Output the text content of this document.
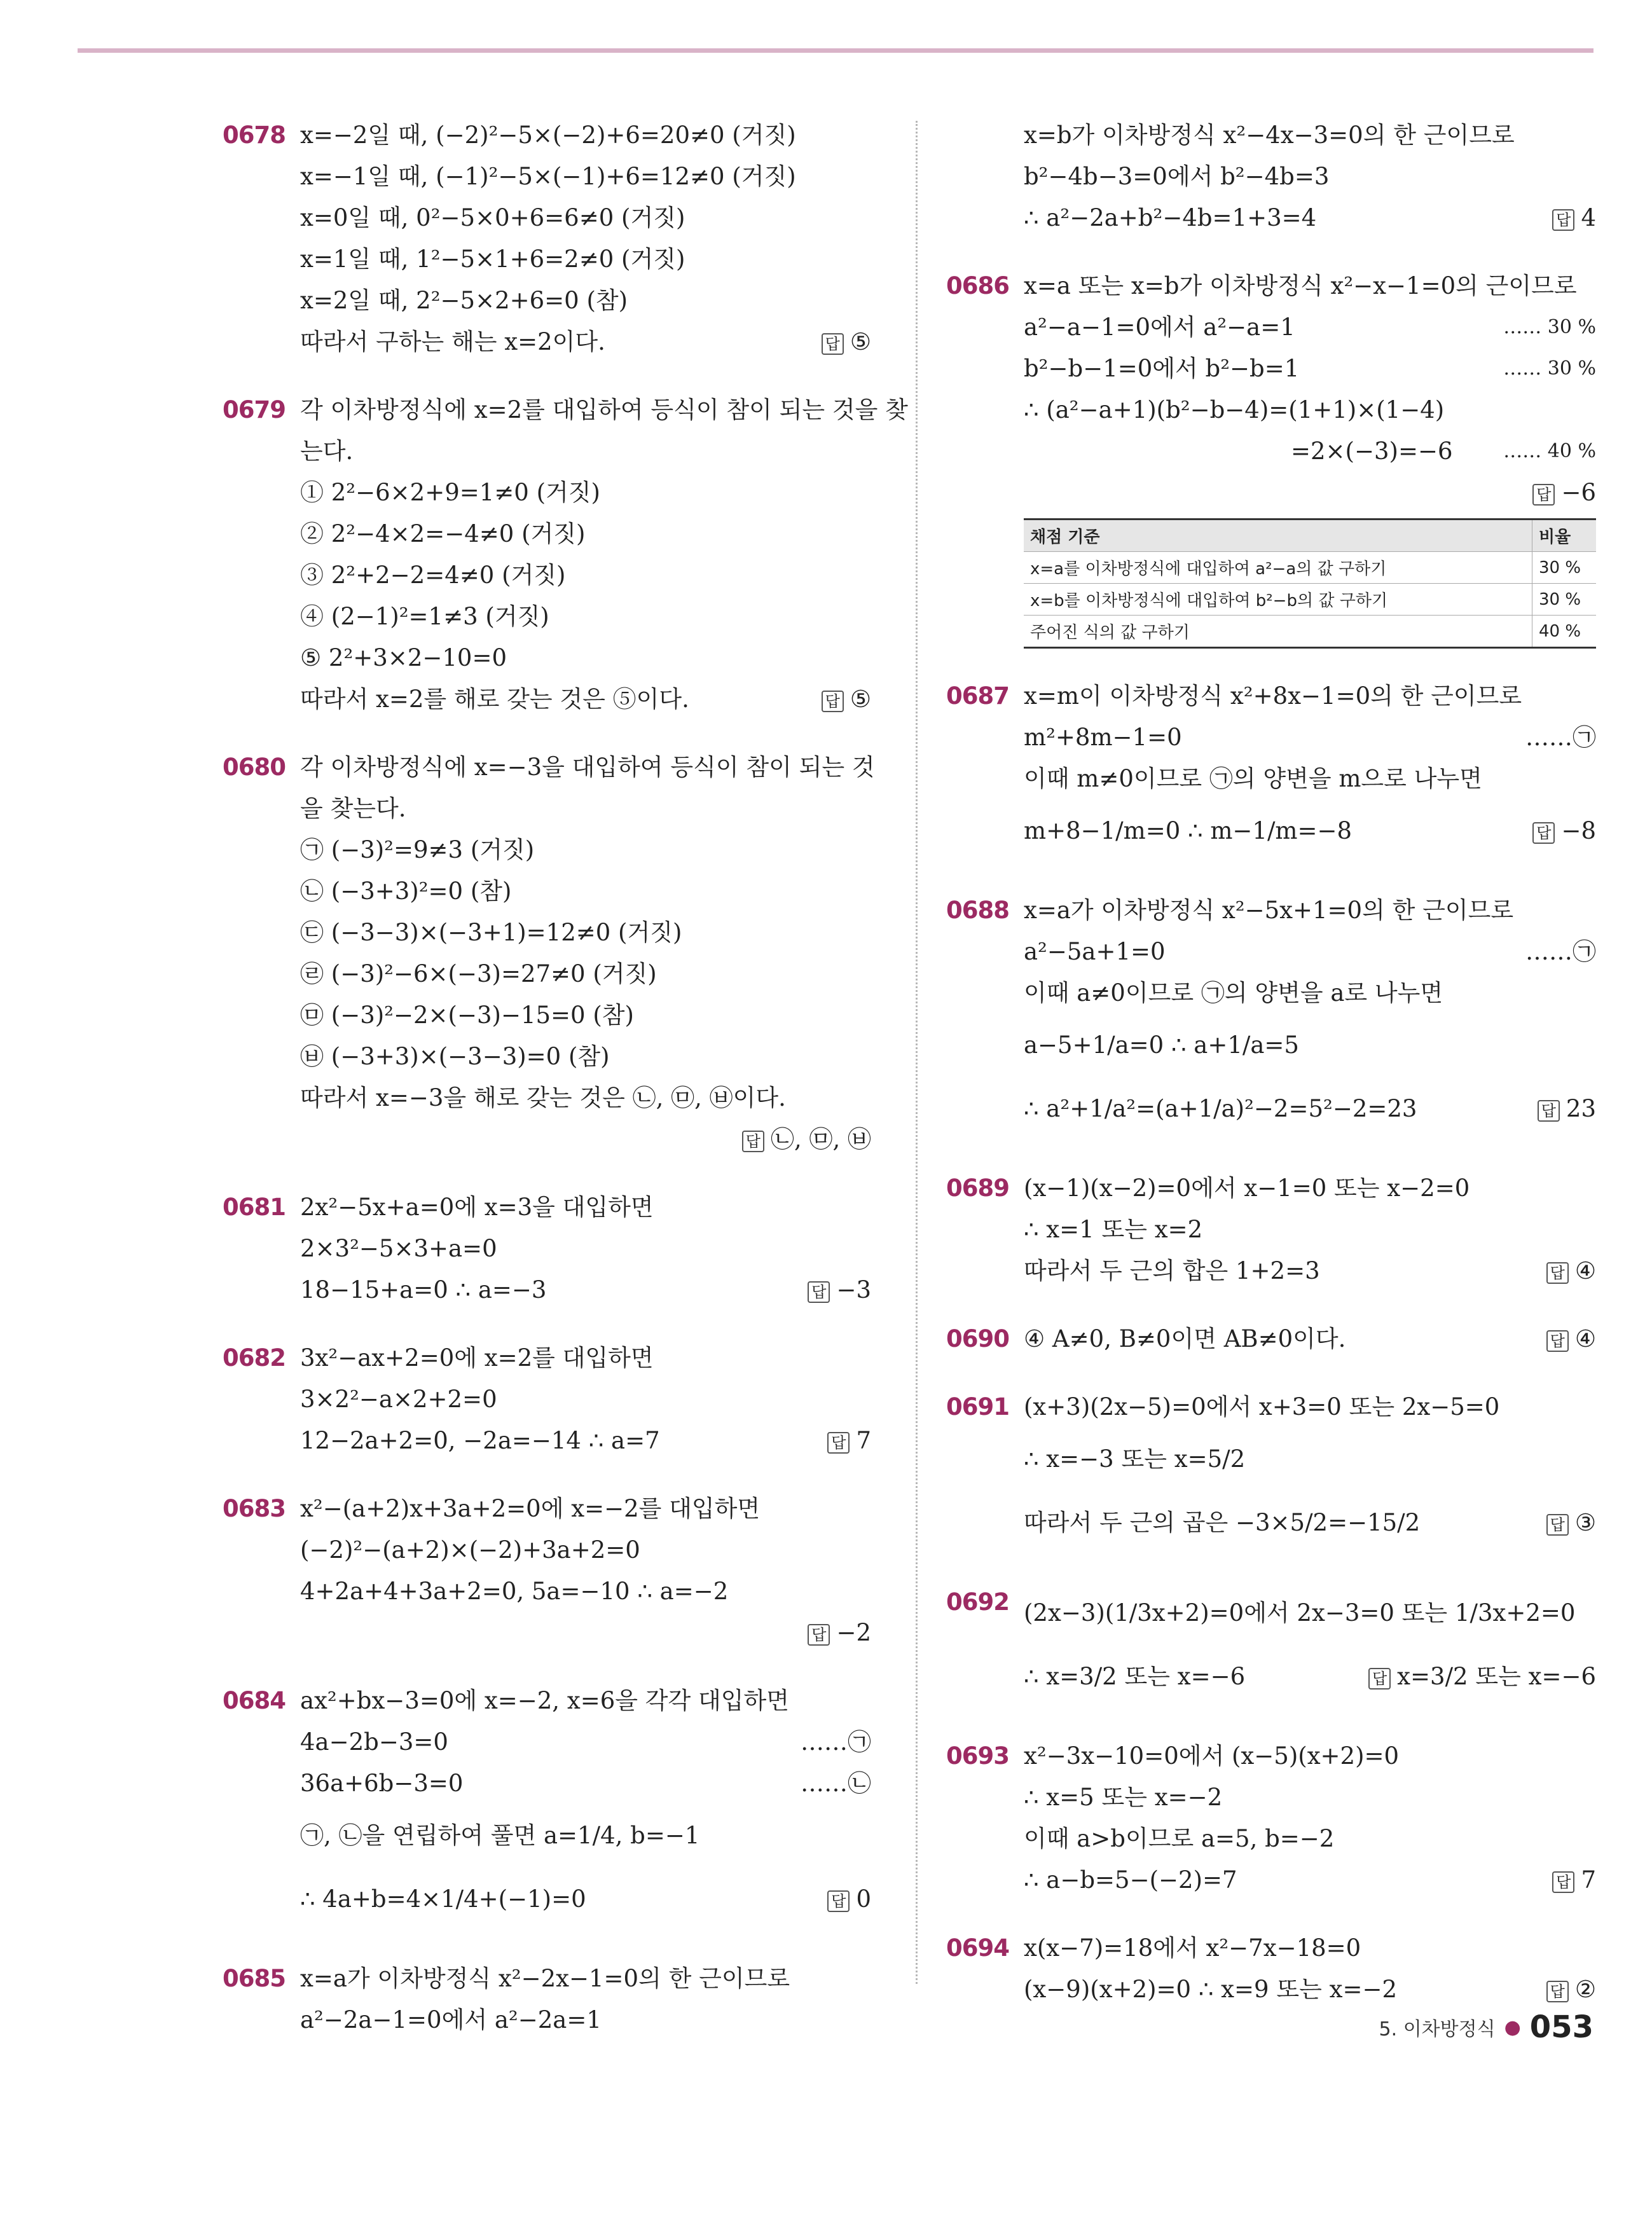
0678 x=−2일 때, (−2)²−5×(−2)+6=20≠0 (거짓)
x=−1일 때, (−1)²−5×(−1)+6=12≠0 (거짓)
x=0일 때, 0²−5×0+6=6≠0 (거짓)
x=1일 때, 1²−5×1+6=2≠0 (거짓)
x=2일 때, 2²−5×2+6=0 (참)
따라서 구하는 해는 x=2이다.	답 ⑤
0679 각 이차방정식에 x=2를 대입하여 등식이 참이 되는 것을 찾
는다.
① 2²−6×2+9=1≠0 (거짓)
② 2²−4×2=−4≠0 (거짓)
③ 2²+2−2=4≠0 (거짓)
④ (2−1)²=1≠3 (거짓)
⑤ 2²+3×2−10=0
따라서 x=2를 해로 갖는 것은 ⑤이다.	답 ⑤
0680 각 이차방정식에 x=−3을 대입하여 등식이 참이 되는 것
을 찾는다.
㉠ (−3)²=9≠3 (거짓)
㉡ (−3+3)²=0 (참)
㉢ (−3−3)×(−3+1)=12≠0 (거짓)
㉣ (−3)²−6×(−3)=27≠0 (거짓)
㉤ (−3)²−2×(−3)−15=0 (참)
㉥ (−3+3)×(−3−3)=0 (참)
따라서 x=−3을 해로 갖는 것은 ㉡, ㉤, ㉥이다.
답 ㉡, ㉤, ㉥
0681 2x²−5x+a=0에 x=3을 대입하면
2×3²−5×3+a=0
18−15+a=0 ∴ a=−3	답 −3
0682 3x²−ax+2=0에 x=2를 대입하면
3×2²−a×2+2=0
12−2a+2=0, −2a=−14 ∴ a=7	답 7
0683 x²−(a+2)x+3a+2=0에 x=−2를 대입하면
(−2)²−(a+2)×(−2)+3a+2=0
4+2a+4+3a+2=0, 5a=−10 ∴ a=−2
답 −2
0684 ax²+bx−3=0에 x=−2, x=6을 각각 대입하면
4a−2b−3=0	……㉠
36a+6b−3=0	……㉡
㉠, ㉡을 연립하여 풀면 a=1/4, b=−1
∴ 4a+b=4×1/4+(−1)=0	답 0
0685 x=a가 이차방정식 x²−2x−1=0의 한 근이므로
a²−2a−1=0에서 a²−2a=1
x=b가 이차방정식 x²−4x−3=0의 한 근이므로
b²−4b−3=0에서 b²−4b=3
∴ a²−2a+b²−4b=1+3=4	답 4
0686 x=a 또는 x=b가 이차방정식 x²−x−1=0의 근이므로
a²−a−1=0에서 a²−a=1	…… 30 %
b²−b−1=0에서 b²−b=1	…… 30 %
∴ (a²−a+1)(b²−b−4)=(1+1)×(1−4)
=2×(−3)=−6	…… 40 %
답 −6
채점 기준	비율
x=a를 이차방정식에 대입하여 a²−a의 값 구하기	30 %
x=b를 이차방정식에 대입하여 b²−b의 값 구하기	30 %
주어진 식의 값 구하기	40 %
0687 x=m이 이차방정식 x²+8x−1=0의 한 근이므로
m²+8m−1=0	……㉠
이때 m≠0이므로 ㉠의 양변을 m으로 나누면
m+8−1/m=0 ∴ m−1/m=−8	답 −8
0688 x=a가 이차방정식 x²−5x+1=0의 한 근이므로
a²−5a+1=0	……㉠
이때 a≠0이므로 ㉠의 양변을 a로 나누면
a−5+1/a=0 ∴ a+1/a=5
∴ a²+1/a²=(a+1/a)²−2=5²−2=23	답 23
0689 (x−1)(x−2)=0에서 x−1=0 또는 x−2=0
∴ x=1 또는 x=2
따라서 두 근의 합은 1+2=3	답 ④
0690 ④ A≠0, B≠0이면 AB≠0이다.	답 ④
0691 (x+3)(2x−5)=0에서 x+3=0 또는 2x−5=0
∴ x=−3 또는 x=5/2
따라서 두 근의 곱은 −3×5/2=−15/2	답 ③
0692 (2x−3)(1/3x+2)=0에서 2x−3=0 또는 1/3x+2=0
∴ x=3/2 또는 x=−6	답 x=3/2 또는 x=−6
0693 x²−3x−10=0에서 (x−5)(x+2)=0
∴ x=5 또는 x=−2
이때 a>b이므로 a=5, b=−2
∴ a−b=5−(−2)=7	답 7
0694 x(x−7)=18에서 x²−7x−18=0
(x−9)(x+2)=0 ∴ x=9 또는 x=−2	답 ②
5. 이차방정식 ● 053
